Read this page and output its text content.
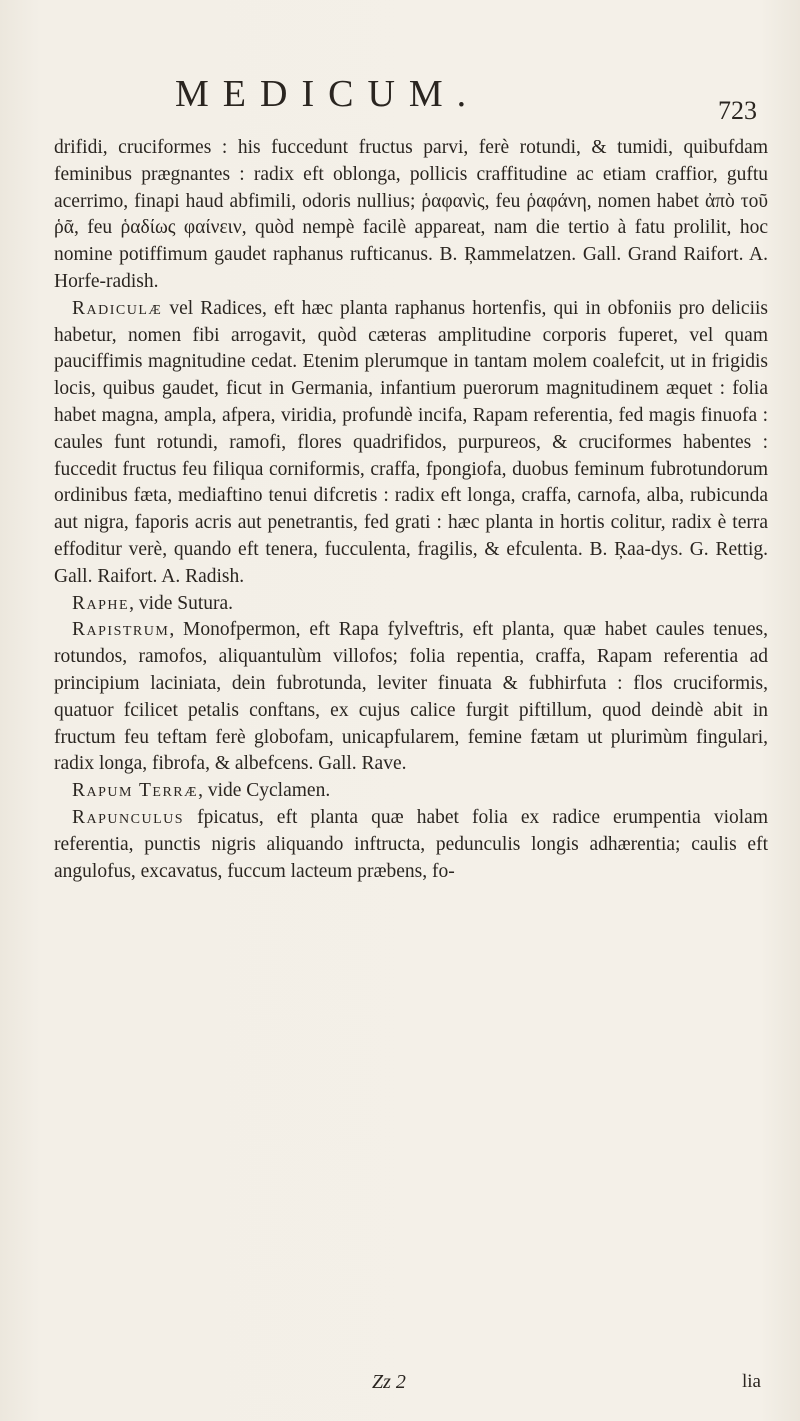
MEDICUM.	723

drifidi, cruciformes : his fuccedunt fructus parvi, ferè rotundi, & tumidi, quibufdam feminibus prægnantes : radix eft oblonga, pollicis craffitudine ac etiam craffior, guftu acerrimo, finapi haud abfimili, odoris nullius; ῥαφανὶς, feu ῥαφάνη, nomen habet ἀπὸ τοῦ ῥᾶ, feu ῥαδίως φαίνειν, quòd nempè facilè appareat, nam die tertio à fatu prolilit, hoc nomine potiffimum gaudet raphanus rufticanus. B. Ŗammelatzen. Gall. Grand Raifort. A. Horfe-radish.

Radiculæ vel Radices, eft hæc planta raphanus hortenfis, qui in obfoniis pro deliciis habetur, nomen fibi arrogavit, quòd cæteras amplitudine corporis fuperet, vel quam pauciffimis magnitudine cedat. Etenim plerumque in tantam molem coalefcit, ut in frigidis locis, quibus gaudet, ficut in Germania, infantium puerorum magnitudinem æquet : folia habet magna, ampla, afpera, viridia, profundè incifa, Rapam referentia, fed magis finuofa : caules funt rotundi, ramofi, flores quadrifidos, purpureos, & cruciformes habentes : fuccedit fructus feu filiqua corniformis, craffa, fpongiofa, duobus feminum fubrotundorum ordinibus fæta, mediaftino tenui difcretis : radix eft longa, craffa, carnofa, alba, rubicunda aut nigra, faporis acris aut penetrantis, fed grati : hæc planta in hortis colitur, radix è terra effoditur verè, quando eft tenera, fucculenta, fragilis, & efculenta. B. Ŗaa-dys. G. Rettig. Gall. Raifort. A. Radish.

Raphe, vide Sutura.

Rapistrum, Monofpermon, eft Rapa fylveftris, eft planta, quæ habet caules tenues, rotundos, ramofos, aliquantulùm villofos; folia repentia, craffa, Rapam referentia ad principium laciniata, dein fubrotunda, leviter finuata & fubhirfuta : flos cruciformis, quatuor fcilicet petalis conftans, ex cujus calice furgit piftillum, quod deindè abit in fructum feu teftam ferè globofam, unicapfularem, femine fætam ut plurimùm fingulari, radix longa, fibrofa, & albefcens. Gall. Rave.

Rapum Terræ, vide Cyclamen.

Rapunculus fpicatus, eft planta quæ habet folia ex radice erumpentia violam referentia, punctis nigris aliquando inftructa, pedunculis longis adhærentia; caulis eft angulofus, excavatus, fuccum lacteum præbens, fo-

Zz 2	lia
